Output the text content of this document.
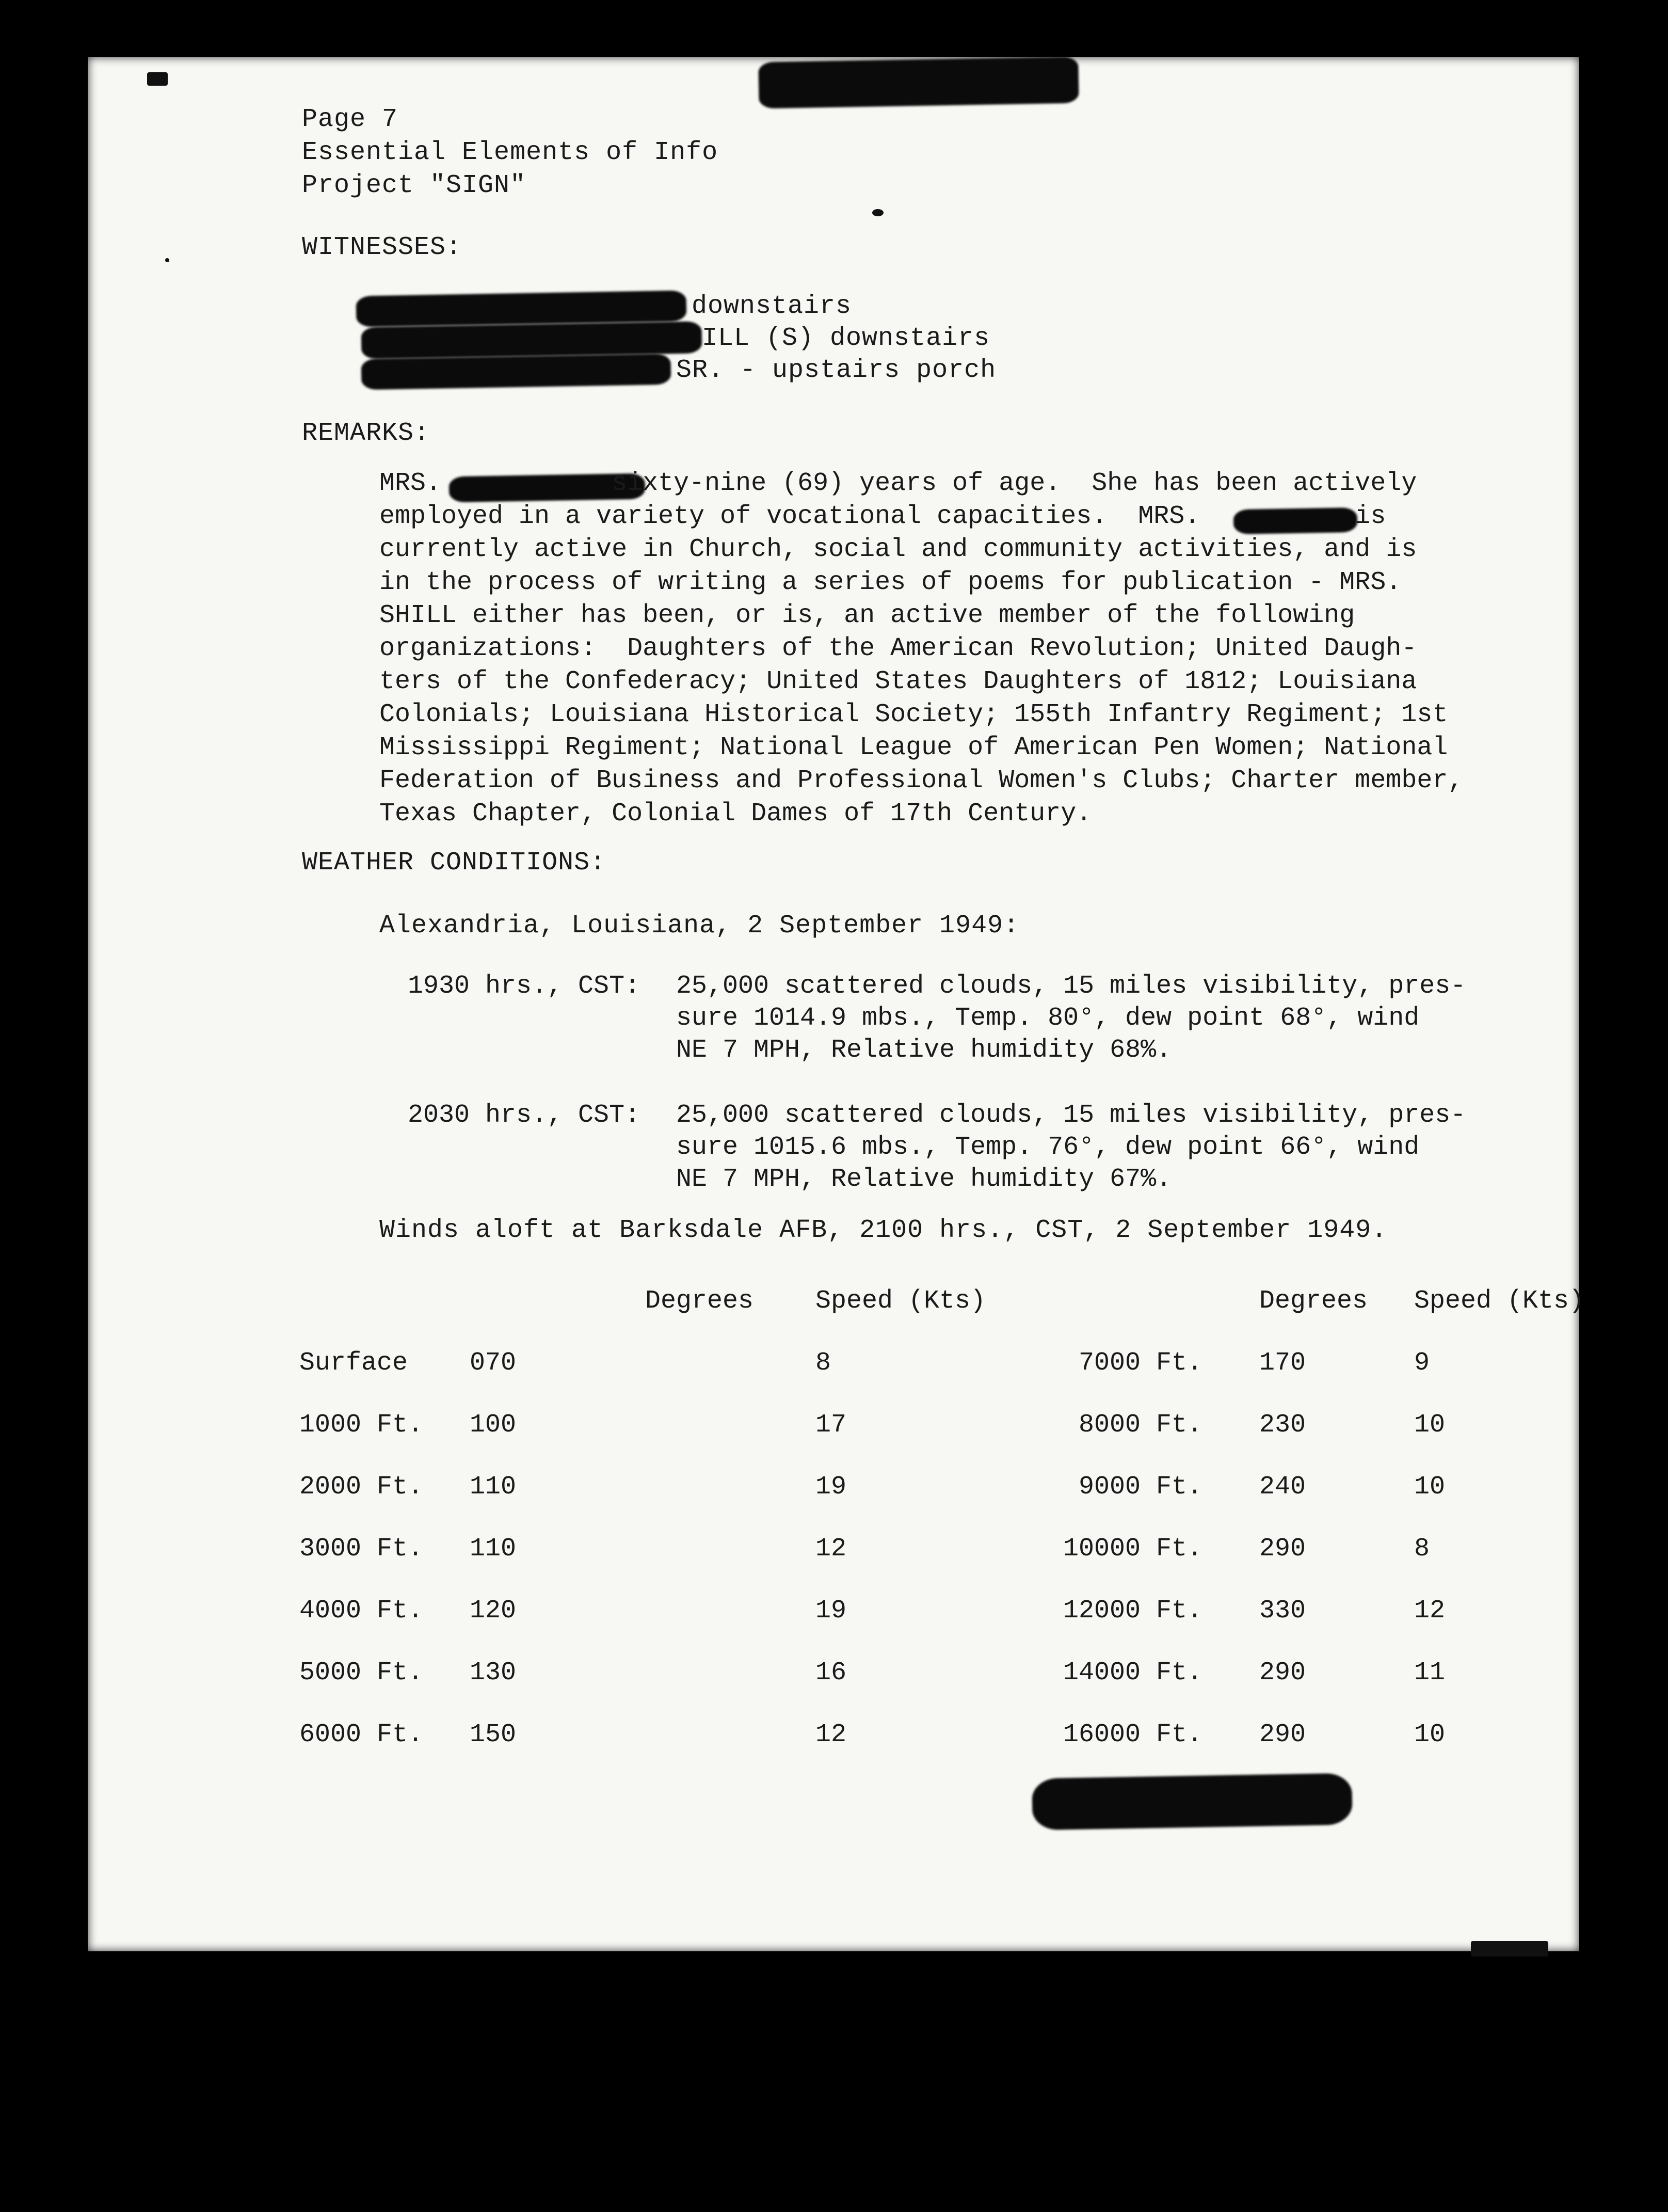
Page 7
Essential Elements of Info
Project "SIGN"
WITNESSES:
downstairs
ILL (S) downstairs
SR. - upstairs porch
REMARKS:
MRS.           sixty-nine (69) years of age.  She has been actively
employed in a variety of vocational capacities.  MRS.          is
currently active in Church, social and community activities, and is
in the process of writing a series of poems for publication - MRS.
SHILL either has been, or is, an active member of the following
organizations:  Daughters of the American Revolution; United Daugh-
ters of the Confederacy; United States Daughters of 1812; Louisiana
Colonials; Louisiana Historical Society; 155th Infantry Regiment; 1st
Mississippi Regiment; National League of American Pen Women; National
Federation of Business and Professional Women's Clubs; Charter member,
Texas Chapter, Colonial Dames of 17th Century.
WEATHER CONDITIONS:
Alexandria, Louisiana, 2 September 1949:
1930 hrs., CST: 25,000 scattered clouds, 15 miles visibility, pres-
sure 1014.9 mbs., Temp. 80°, dew point 68°, wind
NE 7 MPH, Relative humidity 68%.
2030 hrs., CST: 25,000 scattered clouds, 15 miles visibility, pres-
sure 1015.6 mbs., Temp. 76°, dew point 66°, wind
NE 7 MPH, Relative humidity 67%.
Winds aloft at Barksdale AFB, 2100 hrs., CST, 2 September 1949.
	Degrees	Speed (Kts)		Degrees	Speed (Kts)
Surface	070	8	7000 Ft.	170	9
1000 Ft.	100	17	8000 Ft.	230	10
2000 Ft.	110	19	9000 Ft.	240	10
3000 Ft.	110	12	10000 Ft.	290	8
4000 Ft.	120	19	12000 Ft.	330	12
5000 Ft.	130	16	14000 Ft.	290	11
6000 Ft.	150	12	16000 Ft.	290	10
